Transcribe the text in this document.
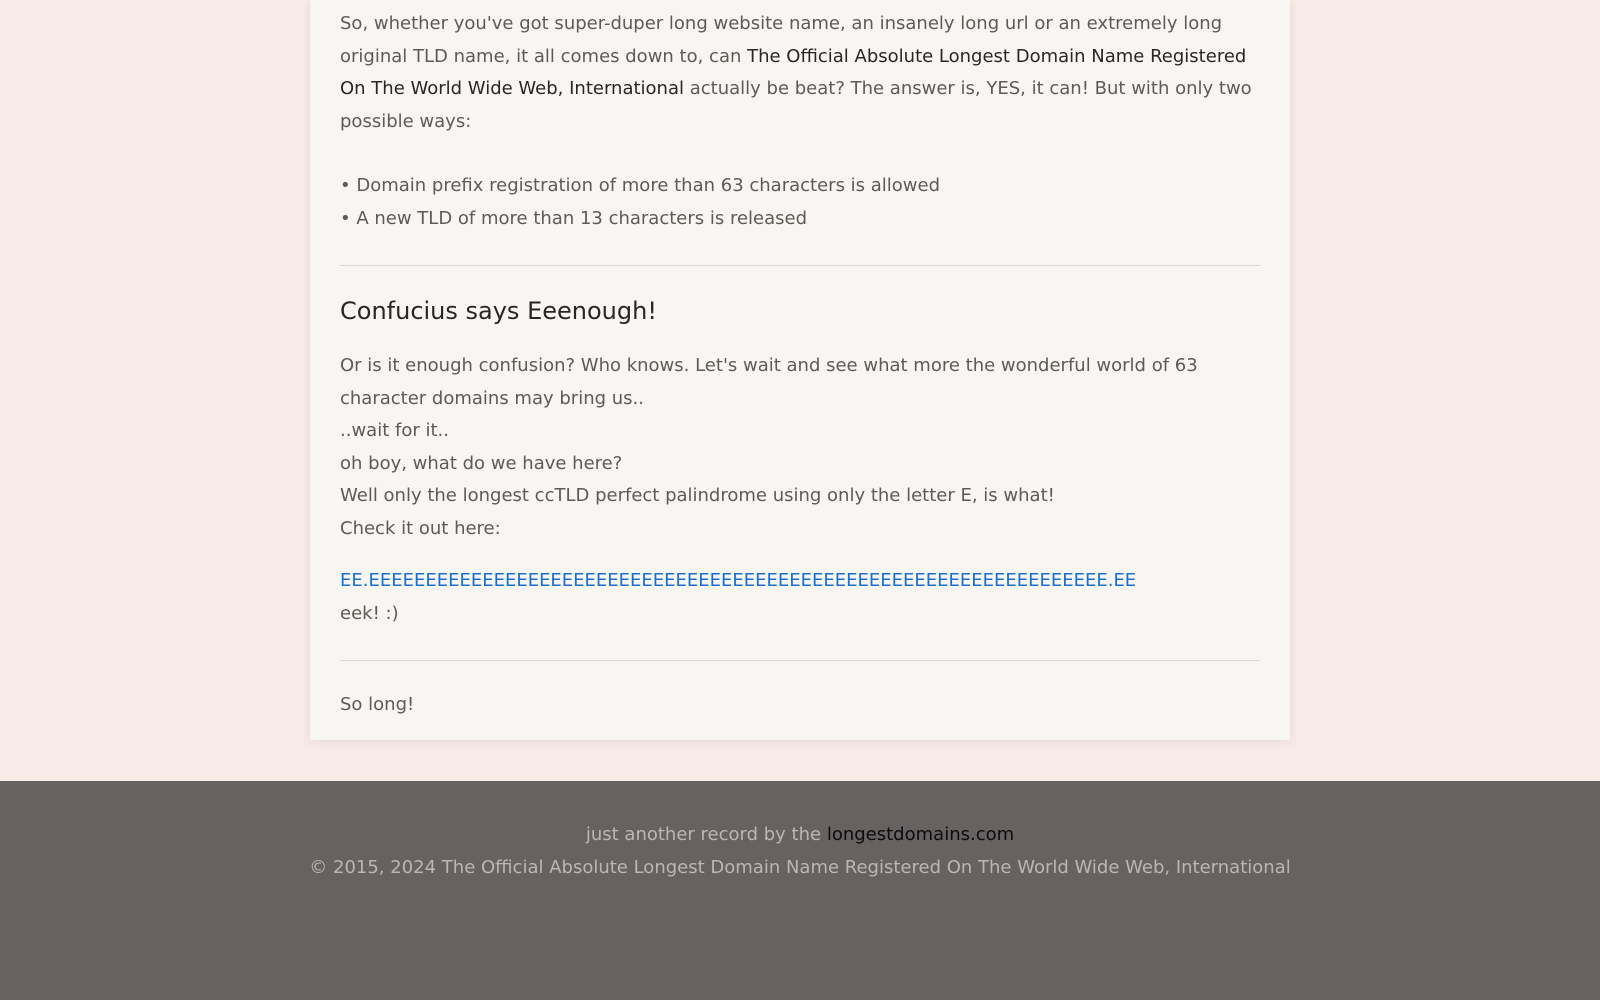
So, whether you've got super-duper long website name, an insanely long url or an extremely long original TLD name, it all comes down to, can The Official Absolute Longest Domain Name Registered On The World Wide Web, International actually be beat? The answer is, YES, it can! But with only two possible ways:

• Domain prefix registration of more than 63 characters is allowed

• A new TLD of more than 13 characters is released

Confucius says Eeenough!

Or is it enough confusion? Who knows. Let's wait and see what more the wonderful world of 63 character domains may bring us..

..wait for it..

oh boy, what do we have here?

Well only the longest ccTLD perfect palindrome using only the letter E, is what!

Check it out here:

EE.EEEEEEEEEEEEEEEEEEEEEEEEEEEEEEEEEEEEEEEEEEEEEEEEEEEEEEEEEEEEEEEEE.EE

eek! :)

So long!

just another record by the longestdomains.com

© 2015, 2024 The Official Absolute Longest Domain Name Registered On The World Wide Web, International
